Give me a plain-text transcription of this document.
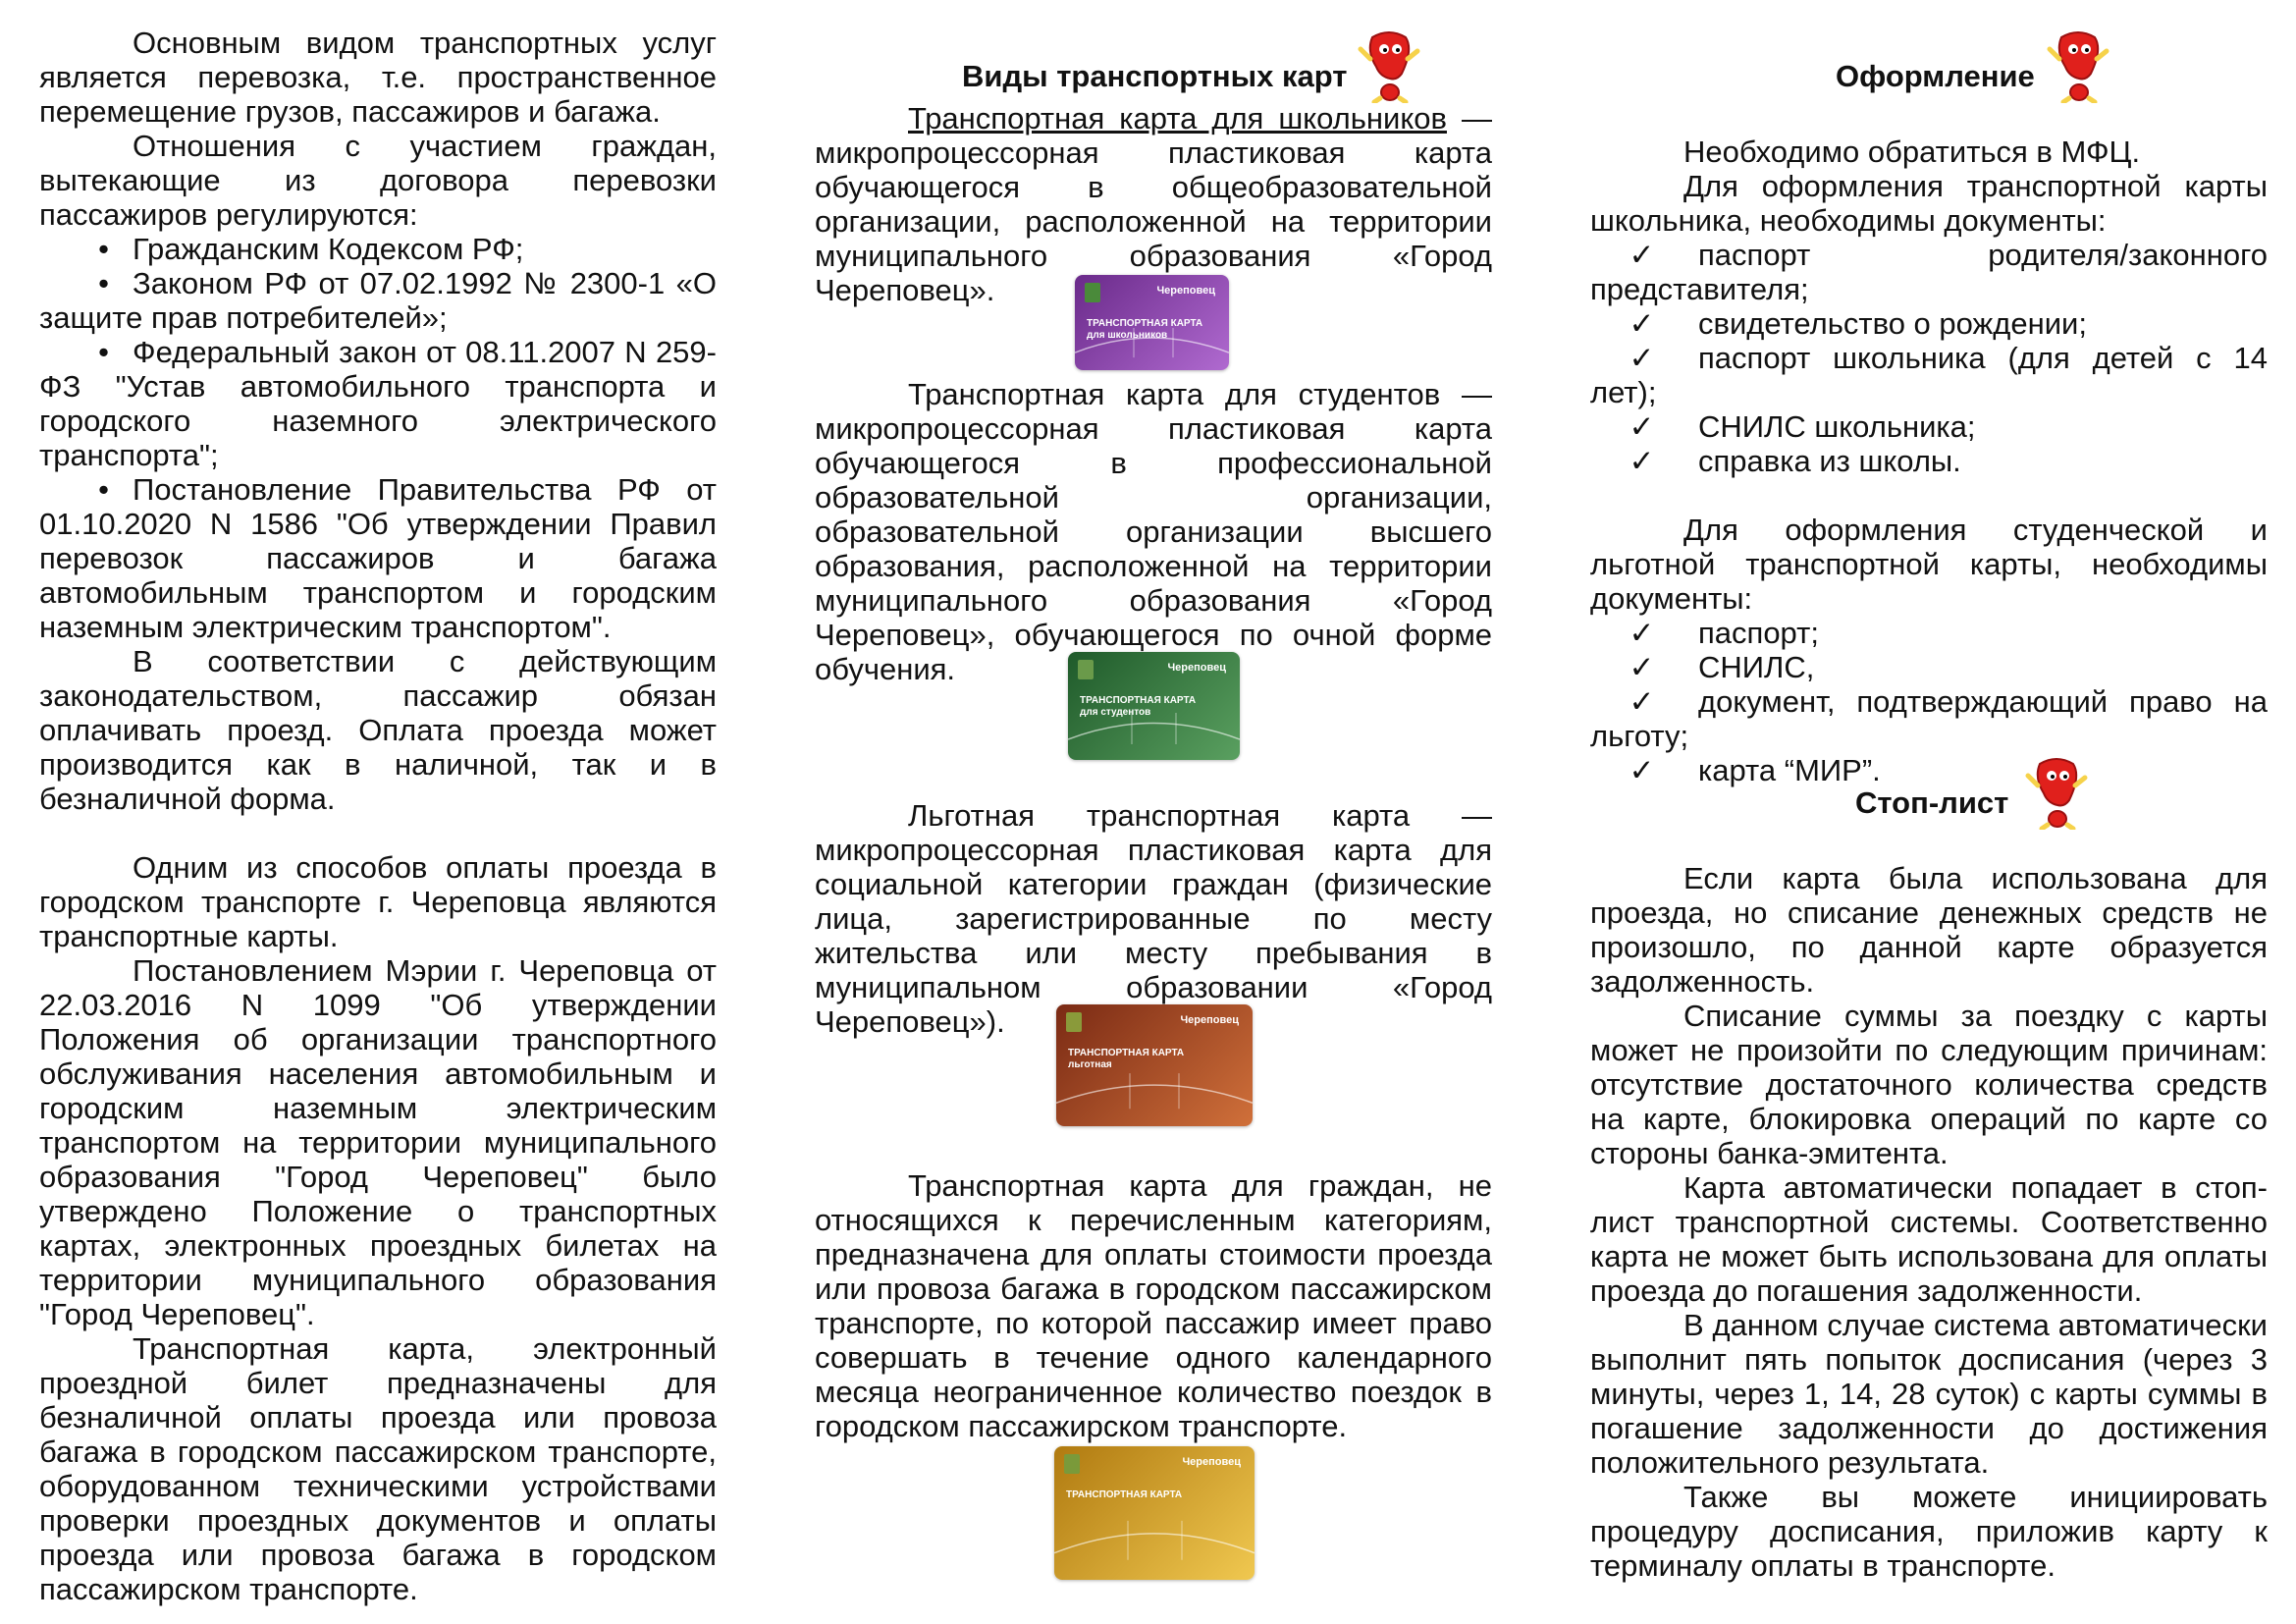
Основным видом транспортных услуг является перевозка, т.е. пространственное перемещение грузов, пассажиров и багажа.

Отношения с участием граждан, вытекающие из договора перевозки пассажиров регулируются:

• Гражданским Кодексом РФ;
• Законом РФ от 07.02.1992 № 2300-1 «О защите прав потребителей»;
• Федеральный закон от 08.11.2007 N 259-ФЗ "Устав автомобильного транспорта и городского наземного электрического транспорта";
• Постановление Правительства РФ от 01.10.2020 N 1586 "Об утверждении Правил перевозок пассажиров и багажа автомобильным транспортом и городским наземным электрическим транспортом".

В соответствии с действующим законодательством, пассажир обязан оплачивать проезд. Оплата проезда может производится как в наличной, так и в безналичной форма.

Одним из способов оплаты проезда в городском транспорте г. Череповца являются транспортные карты.

Постановлением Мэрии г. Череповца от 22.03.2016 N 1099 "Об утверждении Положения об организации транспортного обслуживания населения автомобильным и городским наземным электрическим транспортом на территории муниципального образования "Город Череповец" было утверждено Положение о транспортных картах, электронных проездных билетах на территории муниципального образования "Город Череповец".

Транспортная карта, электронный проездной билет предназначены для безналичной оплаты проезда или провоза багажа в городском пассажирском транспорте, оборудованном техническими устройствами проверки проездных документов и оплаты проезда или провоза багажа в городском пассажирском транспорте.

Виды транспортных карт

Транспортная карта для школьников — микропроцессорная пластиковая карта обучающегося в общеобразовательной организации, расположенной на территории муниципального образования «Город Череповец».	Череповец
ТРАНСПОРТНАЯ КАРТА
для школьников

Транспортная карта для студентов — микропроцессорная пластиковая карта обучающегося в профессиональной образовательной организации, образовательной организации высшего образования, расположенной на территории муниципального образования «Город Череповец», обучающегося по очной форме обучения.	Череповец
ТРАНСПОРТНАЯ КАРТА
для студентов

Льготная транспортная карта — микропроцессорная пластиковая карта для социальной категории граждан (физические лица, зарегистрированные по месту жительства или месту пребывания в муниципальном образовании «Город Череповец»).	Череповец
ТРАНСПОРТНАЯ КАРТА
льготная

Транспортная карта для граждан, не относящихся к перечисленным категориям, предназначена для оплаты стоимости проезда или провоза багажа в городском пассажирском транспорте, по которой пассажир имеет право совершать в течение одного календарного месяца неограниченное количество поездок в городском пассажирском транспорте.

Череповец
ТРАНСПОРТНАЯ КАРТА
Оформление

Необходимо обратиться в МФЦ.

Для оформления транспортной карты школьника, необходимы документы:

✓ паспорт родителя/законного представителя;
✓ свидетельство о рождении;
✓ паспорт школьника (для детей с 14 лет);
✓ СНИЛС школьника;
✓ справка из школы.

Для оформления студенческой и льготной транспортной карты, необходимы документы:

✓ паспорт;
✓ СНИЛС,
✓ документ, подтверждающий право на льготу;
✓ карта “МИР”.
Стоп-лист

Если карта была использована для проезда, но списание денежных средств не произошло, по данной карте образуется задолженность.

Списание суммы за поездку с карты может не произойти по следующим причинам: отсутствие достаточного количества средств на карте, блокировка операций по карте со стороны банка-эмитента.

Карта автоматически попадает в стоп-лист транспортной системы. Соответственно карта не может быть использована для оплаты проезда до погашения задолженности.

В данном случае система автоматически выполнит пять попыток досписания (через 3 минуты, через 1, 14, 28 суток) с карты суммы в погашение задолженности до достижения положительного результата.

Также вы можете инициировать процедуру досписания, приложив карту к терминалу оплаты в транспорте.
